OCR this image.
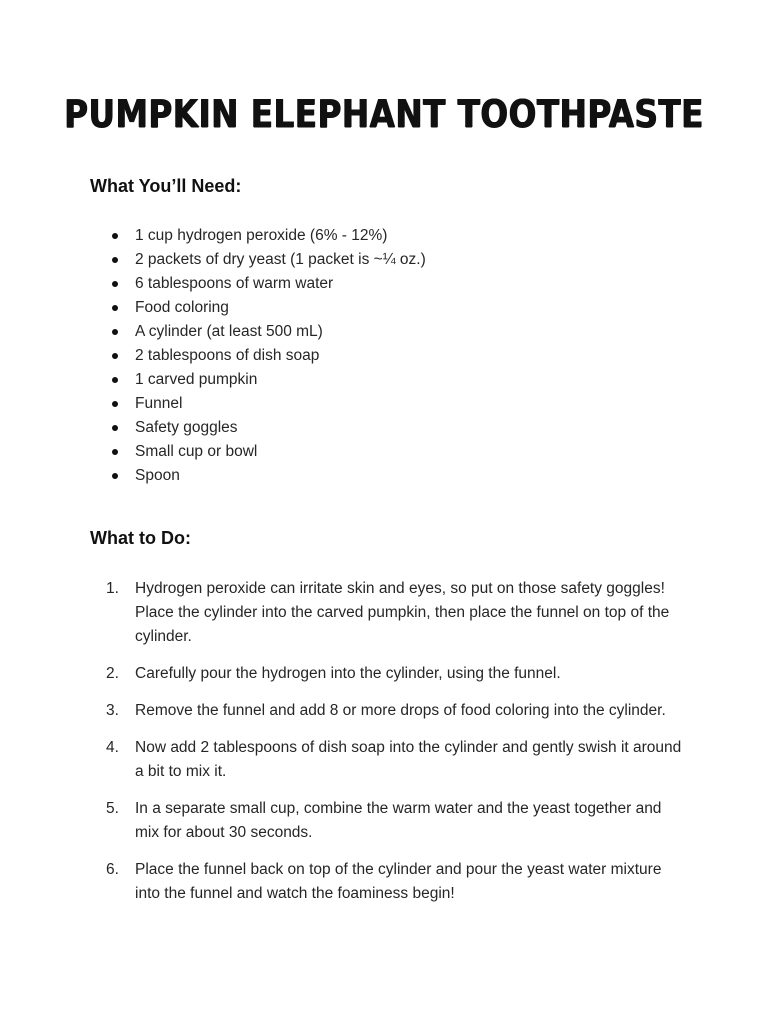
PUMPKIN ELEPHANT TOOTHPASTE
What You’ll Need:
1 cup hydrogen peroxide (6% - 12%)
2 packets of dry yeast (1 packet is ~¼ oz.)
6 tablespoons of warm water
Food coloring
A cylinder (at least 500 mL)
2 tablespoons of dish soap
1 carved pumpkin
Funnel
Safety goggles
Small cup or bowl
Spoon
What to Do:
1.	Hydrogen peroxide can irritate skin and eyes, so put on those safety goggles! Place the cylinder into the carved pumpkin, then place the funnel on top of the cylinder.
2.	Carefully pour the hydrogen into the cylinder, using the funnel.
3.	Remove the funnel and add 8 or more drops of food coloring into the cylinder.
4.	Now add 2 tablespoons of dish soap into the cylinder and gently swish it around a bit to mix it.
5.	In a separate small cup, combine the warm water and the yeast together and mix for about 30 seconds.
6.	Place the funnel back on top of the cylinder and pour the yeast water mixture into the funnel and watch the foaminess begin!
